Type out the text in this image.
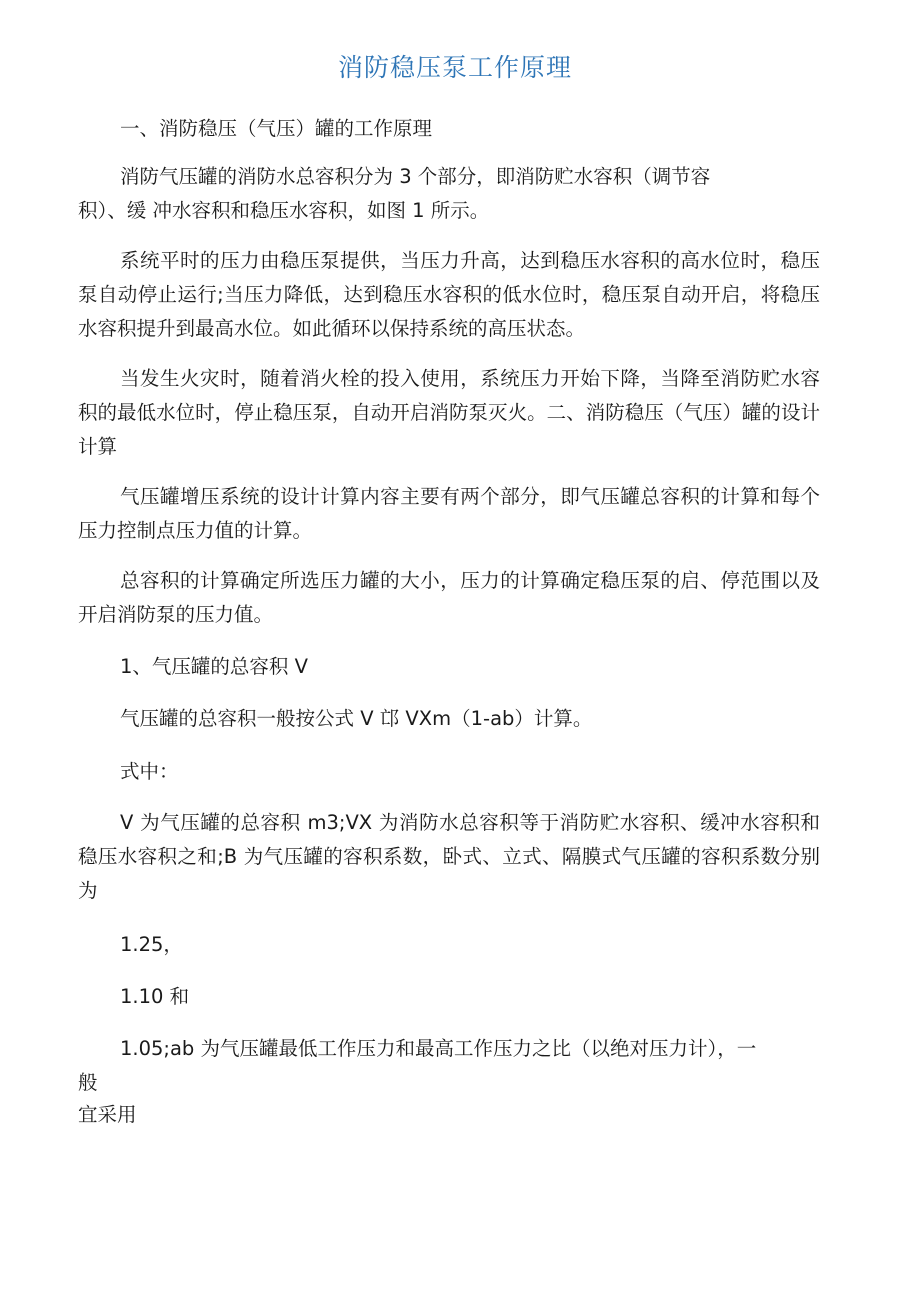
消防稳压泵工作原理

一、消防稳压（气压）罐的工作原理

消防气压罐的消防水总容积分为 3 个部分，即消防贮水容积（调节容

积）、缓 冲水容积和稳压水容积，如图 1 所示。

系统平时的压力由稳压泵提供，当压力升高，达到稳压水容积的高水位时，稳压泵自动停止运行;当压力降低，达到稳压水容积的低水位时，稳压泵自动开启，将稳压水容积提升到最高水位。如此循环以保持系统的高压状态。

当发生火灾时，随着消火栓的投入使用，系统压力开始下降，当降至消防贮水容积的最低水位时，停止稳压泵，自动开启消防泵灭火。二、消防稳压（气压）罐的设计计算

气压罐增压系统的设计计算内容主要有两个部分，即气压罐总容积的计算和每个压力控制点压力值的计算。

总容积的计算确定所选压力罐的大小，压力的计算确定稳压泵的启、停范围以及开启消防泵的压力值。

1、气压罐的总容积 V

气压罐的总容积一般按公式 V 邙 VXm（1-ab）计算。

式中：

V 为气压罐的总容积 m3;VX 为消防水总容积等于消防贮水容积、缓冲水容积和稳压水容积之和;B 为气压罐的容积系数，卧式、立式、隔膜式气压罐的容积系数分别为

1.25，

1.10 和

1.05;ab 为气压罐最低工作压力和最高工作压力之比（以绝对压力计），一

般

宜采用
